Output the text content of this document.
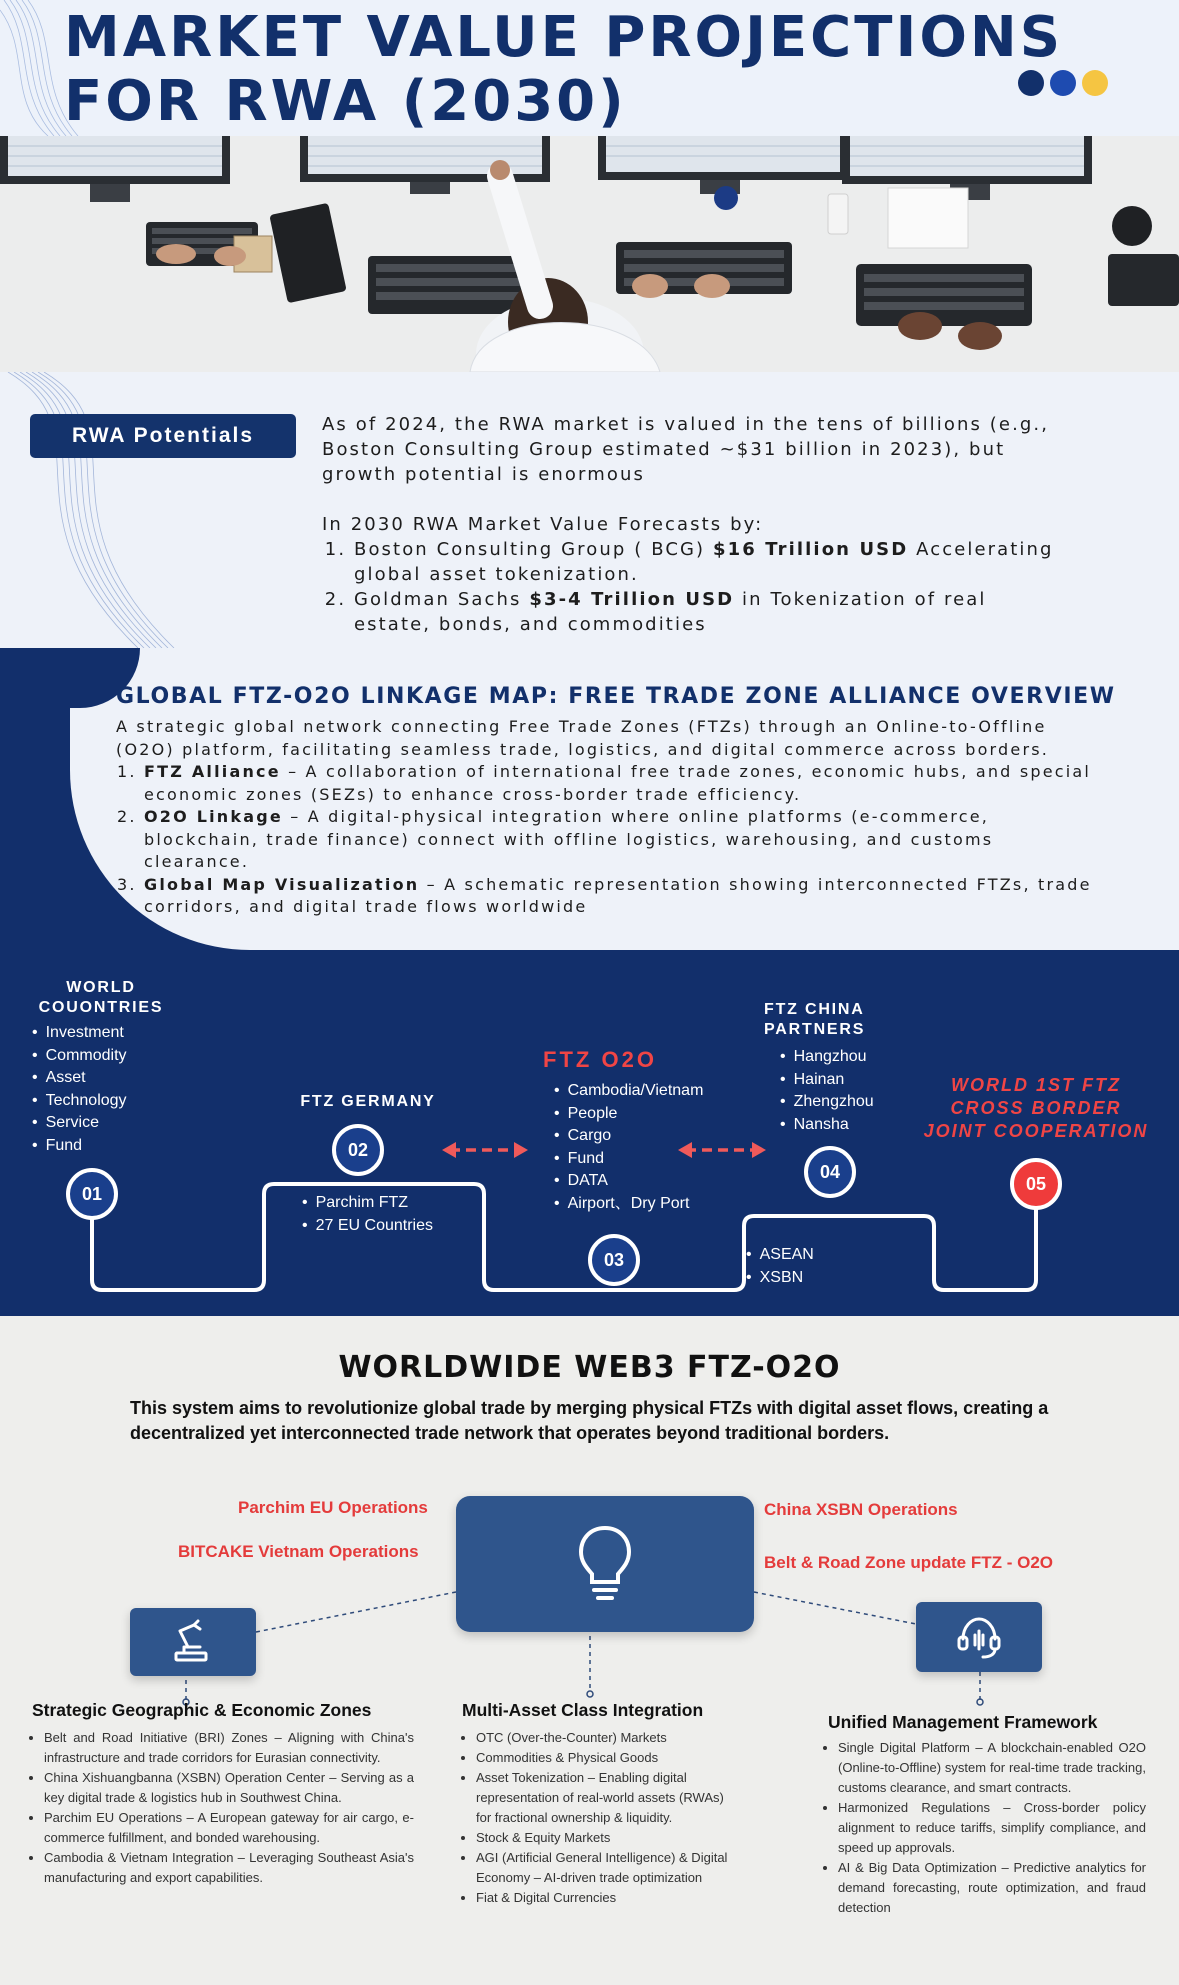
MARKET VALUE PROJECTIONS
FOR RWA (2030)
RWA Potentials	As of 2024, the RWA market is valued in the tens of billions (e.g.,

Boston Consulting Group estimated ~$31 billion in 2023), but

growth potential is enormous

In 2030 RWA Market Value Forecasts by:

1. Boston Consulting Group ( BCG) $16 Trillion USD Accelerating
global asset tokenization.
2. Goldman Sachs $3-4 Trillion USD in Tokenization of real
estate, bonds, and commodities
GLOBAL FTZ-O2O LINKAGE MAP: FREE TRADE ZONE ALLIANCE OVERVIEW
A strategic global network connecting Free Trade Zones (FTZs) through an Online-to-Offline
(O2O) platform, facilitating seamless trade, logistics, and digital commerce across borders.
1. FTZ Alliance – A collaboration of international free trade zones, economic hubs, and special
economic zones (SEZs) to enhance cross-border trade efficiency.
2. O2O Linkage – A digital-physical integration where online platforms (e-commerce,
blockchain, trade finance) connect with offline logistics, warehousing, and customs
clearance.
3. Global Map Visualization – A schematic representation showing interconnected FTZs, trade
corridors, and digital trade flows worldwide
WORLD
COUONTRIES
• Investment
• Commodity
• Asset
• Technology
• Service
• Fund
01
FTZ GERMANY
02
• Parchim FTZ
• 27 EU Countries
FTZ O2O
• Cambodia/Vietnam
• People
• Cargo
• Fund
• DATA
• Airport、Dry Port
03
FTZ CHINA
PARTNERS
• Hangzhou
• Hainan
• Zhengzhou
• Nansha
04
• ASEAN
• XSBN
WORLD 1ST FTZ
CROSS BORDER
JOINT COOPERATION
05
WORLDWIDE WEB3 FTZ-O2O
This system aims to revolutionize global trade by merging physical FTZs with digital asset flows, creating a decentralized yet interconnected trade network that operates beyond traditional borders.
Parchim EU Operations
BITCAKE Vietnam Operations
China XSBN Operations
Belt & Road Zone update FTZ - O2O
Strategic Geographic & Economic Zones
• Belt and Road Initiative (BRI) Zones – Aligning with China's infrastructure and trade corridors for Eurasian connectivity.
• China Xishuangbanna (XSBN) Operation Center – Serving as a key digital trade & logistics hub in Southwest China.
• Parchim EU Operations – A European gateway for air cargo, e-commerce fulfillment, and bonded warehousing.
• Cambodia & Vietnam Integration – Leveraging Southeast Asia's manufacturing and export capabilities.
Multi-Asset Class Integration
• OTC (Over-the-Counter) Markets
• Commodities & Physical Goods
• Asset Tokenization – Enabling digital representation of real-world assets (RWAs) for fractional ownership & liquidity.
• Stock & Equity Markets
• AGI (Artificial General Intelligence) & Digital Economy – AI-driven trade optimization
• Fiat & Digital Currencies
Unified Management Framework
• Single Digital Platform – A blockchain-enabled O2O (Online-to-Offline) system for real-time trade tracking, customs clearance, and smart contracts.
• Harmonized Regulations – Cross-border policy alignment to reduce tariffs, simplify compliance, and speed up approvals.
• AI & Big Data Optimization – Predictive analytics for demand forecasting, route optimization, and fraud detection
